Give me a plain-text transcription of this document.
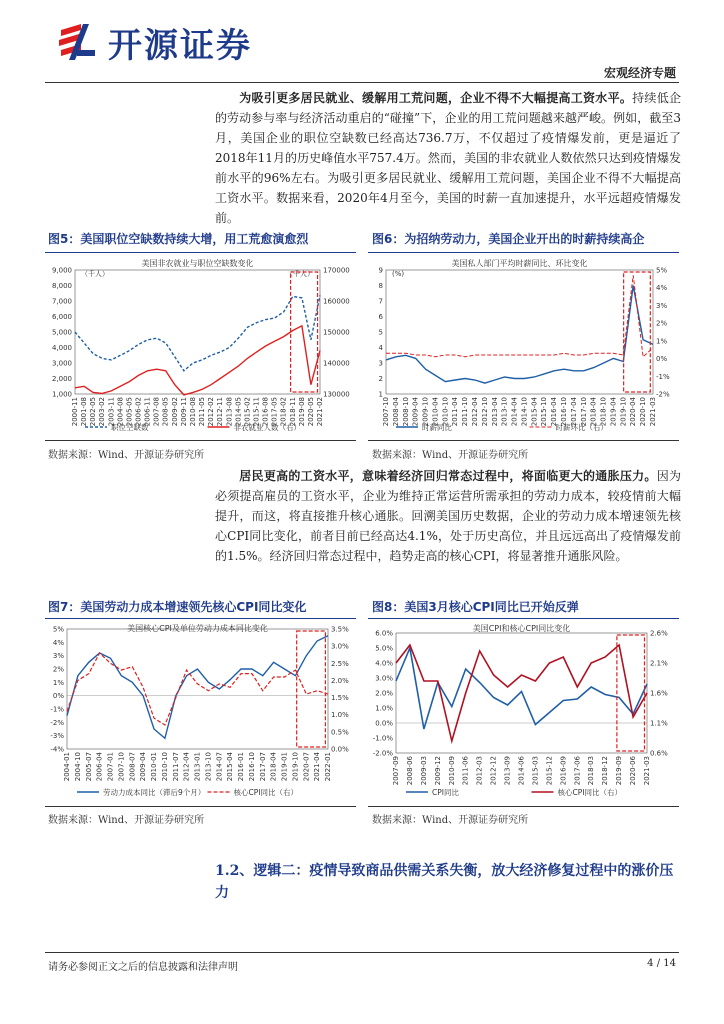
开源证券
宏观经济专题
为吸引更多居民就业、缓解用工荒问题，企业不得不大幅提高工资水平。持续低企的劳动参与率与经济活动重启的“碰撞”下，企业的用工荒问题越来越严峻。例如，截至3月，美国企业的职位空缺数已经高达736.7万，不仅超过了疫情爆发前，更是逼近了2018年11月的历史峰值水平757.4万。然而，美国的非农就业人数依然只达到疫情爆发前水平的96%左右。为吸引更多居民就业、缓解用工荒问题，美国企业不得不大幅提高工资水平。数据来看，2020年4月至今，美国的时薪一直加速提升，水平远超疫情爆发前。
图5：美国职位空缺数持续大增，用工荒愈演愈烈
美国非农就业与职位空缺数变化
（千人）	（千人）
9,000
8,000
7,000
6,000
5,000
4,000
3,000
2,000
1,000
170000
160000
150000
140000
130000
2000-11 2001-08 2002-05 2003-02 2003-11 2004-08 2005-05 2006-02 2006-11 2007-08 2008-05 2009-02 2009-11 2010-08 2011-05 2012-02 2012-11 2013-08 2014-05 2015-02 2015-11 2016-08 2017-05 2018-02 2018-11 2019-08 2020-05 2021-02
职位空缺数	非农就业人数（右）
数据来源：Wind、开源证券研究所
图6：为招纳劳动力，美国企业开出的时薪持续高企
美国私人部门平均时薪同比、环比变化
(%)
9
8
7
6
5
4
3
2
1
5%
4%
3%
2%
1%
0%
-1%
-2%
2007-10 2008-04 2008-10 2009-04 2009-10 2010-04 2010-10 2011-04 2011-10 2012-04 2012-10 2013-04 2013-10 2014-04 2014-10 2015-04 2015-10 2016-04 2016-10 2017-04 2017-10 2018-04 2018-10 2019-04 2019-10 2020-04 2020-10 2021-03
时薪同比	时薪环比（右）
数据来源：Wind、开源证券研究所
居民更高的工资水平，意味着经济回归常态过程中，将面临更大的通胀压力。因为必须提高雇员的工资水平，企业为维持正常运营所需承担的劳动力成本，较疫情前大幅提升，而这，将直接推升核心通胀。回溯美国历史数据，企业的劳动力成本增速领先核心CPI同比变化，前者目前已经高达4.1%，处于历史高位，并且远远高出了疫情爆发前的1.5%。经济回归常态过程中，趋势走高的核心CPI，将显著推升通胀风险。
图7：美国劳动力成本增速领先核心CPI同比变化
美国核心CPI及单位劳动力成本同比变化
5%
4%
3%
2%
1%
0%
-1%
-2%
-3%
-4%
3.5%
3.0%
2.5%
2.0%
1.5%
1.0%
0.5%
0.0%
2004-01 2004-10 2005-07 2006-04 2007-01 2007-10 2008-07 2009-04 2010-01 2010-10 2011-07 2012-04 2013-01 2013-10 2014-07 2015-04 2016-01 2016-10 2017-07 2018-04 2019-01 2019-10 2020-07 2021-04 2022-01
劳动力成本同比（滞后9个月）	核心CPI同比（右）
数据来源：Wind、开源证券研究所
图8：美国3月核心CPI同比已开始反弹
美国CPI和核心CPI同比变化
6.0%
5.0%
4.0%
3.0%
2.0%
1.0%
0.0%
-1.0%
-2.0%
2.6%
2.1%
1.6%
1.1%
0.6%
2007-09 2008-06 2009-03 2009-12 2010-09 2011-06 2012-03 2012-12 2013-09 2014-06 2015-03 2015-12 2016-09 2017-06 2018-03 2018-12 2019-09 2020-06 2021-03
CPI同比	核心CPI同比（右）
数据来源：Wind、开源证券研究所
1.2、逻辑二：疫情导致商品供需关系失衡，放大经济修复过程中的涨价压力
请务必参阅正文之后的信息披露和法律声明	4 / 14
